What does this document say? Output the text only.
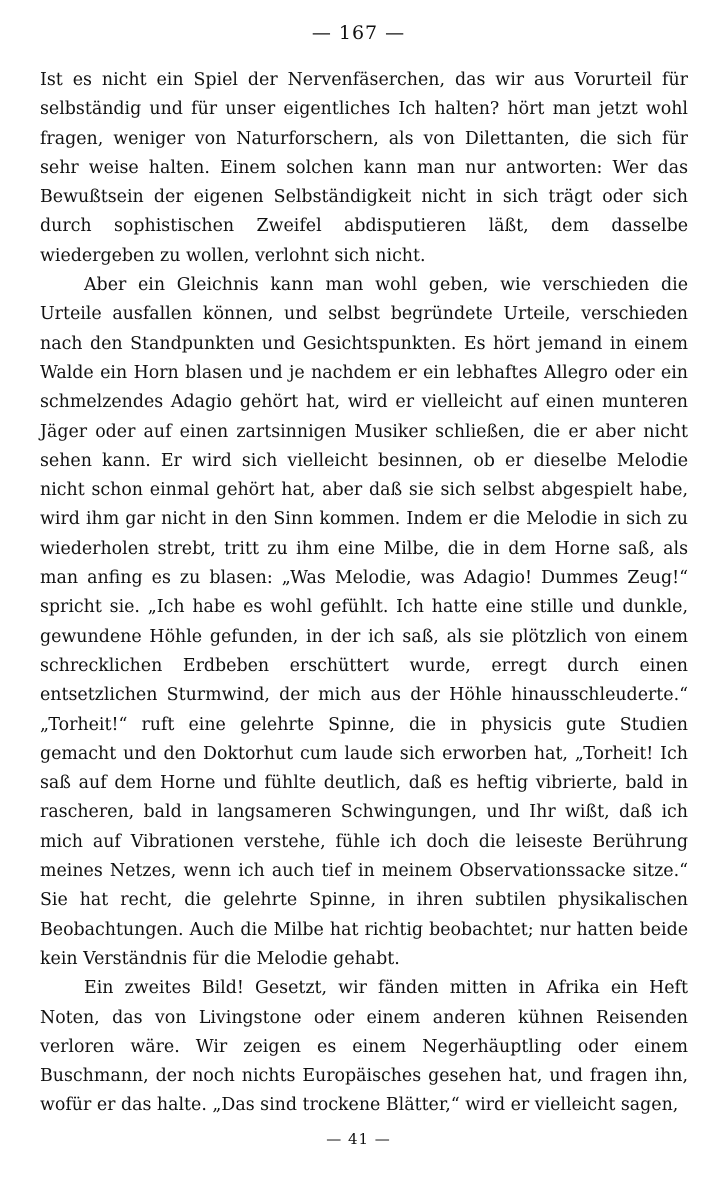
— 167 —

Ist es nicht ein Spiel der Nervenfäserchen, das wir aus Vorurteil für selbständig und für unser eigentliches Ich halten? hört man jetzt wohl fragen, weniger von Naturforschern, als von Dilettanten, die sich für sehr weise halten. Einem solchen kann man nur antworten: Wer das Bewußtsein der eigenen Selbständigkeit nicht in sich trägt oder sich durch sophistischen Zweifel abdisputieren läßt, dem dasselbe wiedergeben zu wollen, verlohnt sich nicht.

Aber ein Gleichnis kann man wohl geben, wie verschieden die Urteile ausfallen können, und selbst begründete Urteile, verschieden nach den Standpunkten und Gesichtspunkten. Es hört jemand in einem Walde ein Horn blasen und je nachdem er ein lebhaftes Allegro oder ein schmelzendes Adagio gehört hat, wird er vielleicht auf einen munteren Jäger oder auf einen zartsinnigen Musiker schließen, die er aber nicht sehen kann. Er wird sich vielleicht besinnen, ob er dieselbe Melodie nicht schon einmal gehört hat, aber daß sie sich selbst abgespielt habe, wird ihm gar nicht in den Sinn kommen. Indem er die Melodie in sich zu wiederholen strebt, tritt zu ihm eine Milbe, die in dem Horne saß, als man anfing es zu blasen: „Was Melodie, was Adagio! Dummes Zeug!“ spricht sie. „Ich habe es wohl gefühlt. Ich hatte eine stille und dunkle, gewundene Höhle gefunden, in der ich saß, als sie plötzlich von einem schrecklichen Erdbeben erschüttert wurde, erregt durch einen entsetzlichen Sturmwind, der mich aus der Höhle hinausschleuderte.“ „Torheit!“ ruft eine gelehrte Spinne, die in physicis gute Studien gemacht und den Doktorhut cum laude sich erworben hat, „Torheit! Ich saß auf dem Horne und fühlte deutlich, daß es heftig vibrierte, bald in rascheren, bald in langsameren Schwingungen, und Ihr wißt, daß ich mich auf Vibrationen verstehe, fühle ich doch die leiseste Berührung meines Netzes, wenn ich auch tief in meinem Observationssacke sitze.“ Sie hat recht, die gelehrte Spinne, in ihren subtilen physikalischen Beobachtungen. Auch die Milbe hat richtig beobachtet; nur hatten beide kein Verständnis für die Melodie gehabt.

Ein zweites Bild! Gesetzt, wir fänden mitten in Afrika ein Heft Noten, das von Livingstone oder einem anderen kühnen Reisenden verloren wäre. Wir zeigen es einem Negerhäuptling oder einem Buschmann, der noch nichts Europäisches gesehen hat, und fragen ihn, wofür er das halte. „Das sind trockene Blätter,“ wird er vielleicht sagen,

— 41 —
